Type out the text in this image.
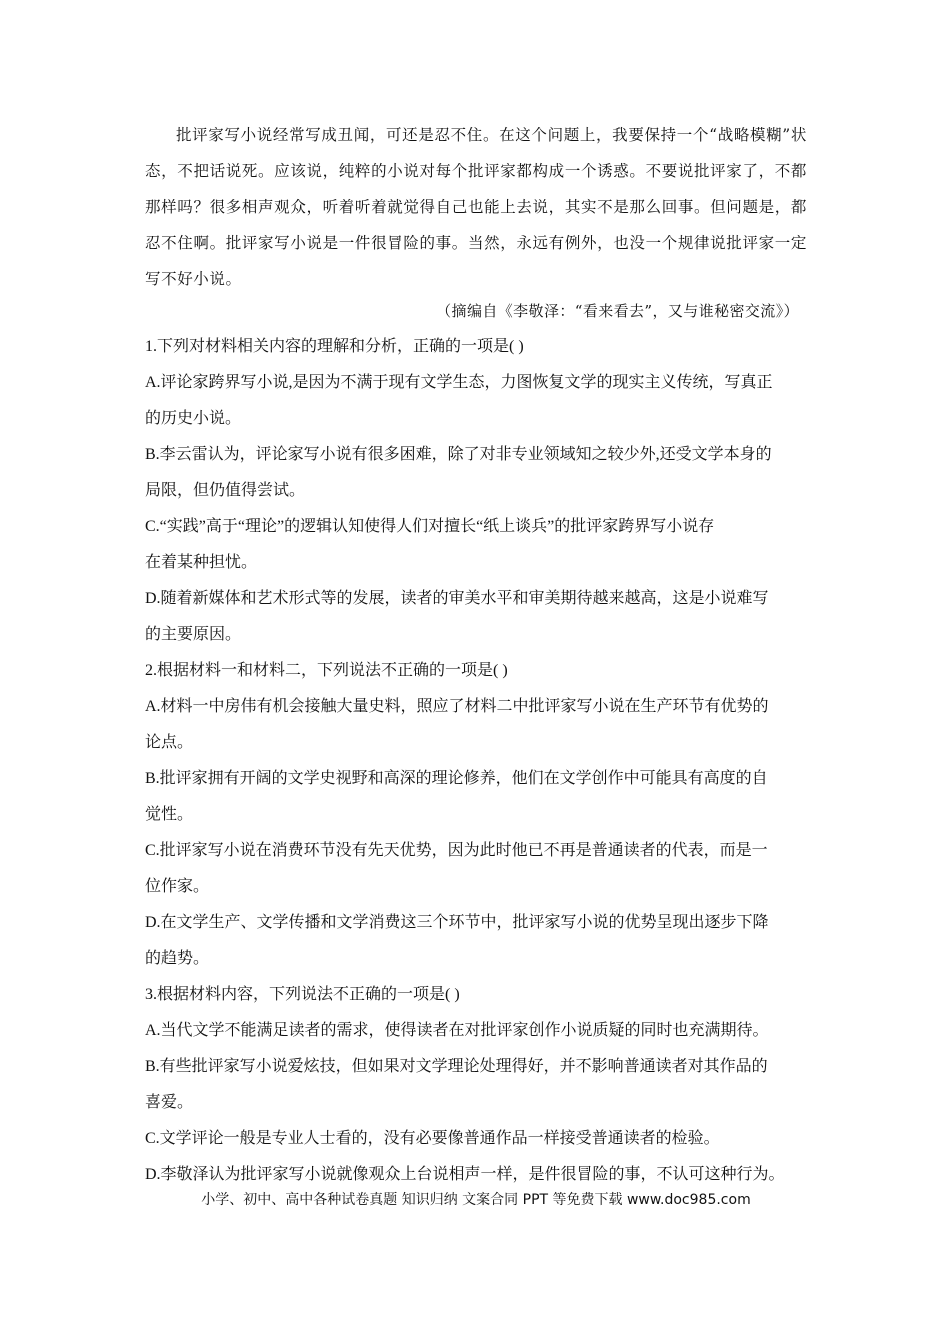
批评家写小说经常写成丑闻，可还是忍不住。在这个问题上，我要保持一个“战略模糊”状态，不把话说死。应该说，纯粹的小说对每个批评家都构成一个诱惑。不要说批评家了，不都那样吗？很多相声观众，听着听着就觉得自己也能上去说，其实不是那么回事。但问题是，都忍不住啊。批评家写小说是一件很冒险的事。当然，永远有例外，也没一个规律说批评家一定写不好小说。

（摘编自《李敬泽：“看来看去”，又与谁秘密交流》）
1.下列对材料相关内容的理解和分析，正确的一项是( )
A.评论家跨界写小说,是因为不满于现有文学生态，力图恢复文学的现实主义传统，写真正
的历史小说。
B.李云雷认为，评论家写小说有很多困难，除了对非专业领域知之较少外,还受文学本身的
局限，但仍值得尝试。
C.“实践”高于“理论”的逻辑认知使得人们对擅长“纸上谈兵”的批评家跨界写小说存
在着某种担忧。
D.随着新媒体和艺术形式等的发展，读者的审美水平和审美期待越来越高，这是小说难写
的主要原因。
2.根据材料一和材料二，下列说法不正确的一项是( )
A.材料一中房伟有机会接触大量史料，照应了材料二中批评家写小说在生产环节有优势的
论点。
B.批评家拥有开阔的文学史视野和高深的理论修养，他们在文学创作中可能具有高度的自
觉性。
C.批评家写小说在消费环节没有先天优势，因为此时他已不再是普通读者的代表，而是一
位作家。
D.在文学生产、文学传播和文学消费这三个环节中，批评家写小说的优势呈现出逐步下降
的趋势。
3.根据材料内容，下列说法不正确的一项是( )
A.当代文学不能满足读者的需求，使得读者在对批评家创作小说质疑的同时也充满期待。
B.有些批评家写小说爱炫技，但如果对文学理论处理得好，并不影响普通读者对其作品的
喜爱。
C.文学评论一般是专业人士看的，没有必要像普通作品一样接受普通读者的检验。
D.李敬泽认为批评家写小说就像观众上台说相声一样，是件很冒险的事，不认可这种行为。
小学、初中、高中各种试卷真题 知识归纳 文案合同 PPT 等免费下载 www.doc985.com
